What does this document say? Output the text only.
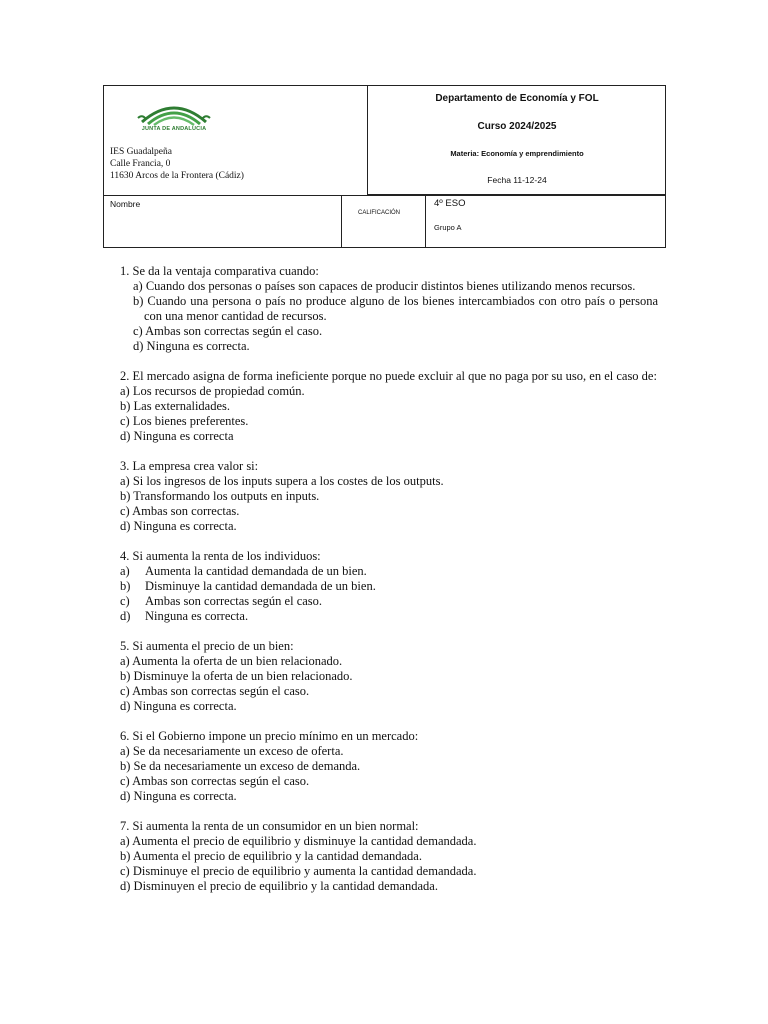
JUNTA DE ANDALUCIA
IES Guadalpeña
Calle Francia, 0
11630 Arcos de la Frontera (Cádiz)
Departamento de Economía y FOL
Curso 2024/2025
Materia: Economía y emprendimiento
Fecha 11-12-24
Nombre
CALIFICACIÓN
4º ESO
Grupo A
1. Se da la ventaja comparativa cuando:
a) Cuando dos personas o países son capaces de producir distintos bienes utilizando menos recursos.
b) Cuando una persona o país no produce alguno de los bienes intercambiados con otro país o persona con una menor cantidad de recursos.
c) Ambas son correctas según el caso.
d) Ninguna es correcta.
2. El mercado asigna de forma ineficiente porque no puede excluir al que no paga por su uso, en el caso de:
a) Los recursos de propiedad común.
b) Las externalidades.
c) Los bienes preferentes.
d) Ninguna es correcta
3. La empresa crea valor si:
a) Si los ingresos de los inputs supera a los costes de los outputs.
b) Transformando los outputs en inputs.
c) Ambas son correctas.
d) Ninguna es correcta.
4. Si aumenta la renta de los individuos:
a) Aumenta la cantidad demandada de un bien.
b) Disminuye la cantidad demandada de un bien.
c) Ambas son correctas según el caso.
d) Ninguna es correcta.
5. Si aumenta el precio de un bien:
a) Aumenta la oferta de un bien relacionado.
b) Disminuye la oferta de un bien relacionado.
c) Ambas son correctas según el caso.
d) Ninguna es correcta.
6. Si el Gobierno impone un precio mínimo en un mercado:
a) Se da necesariamente un exceso de oferta.
b) Se da necesariamente un exceso de demanda.
c) Ambas son correctas según el caso.
d) Ninguna es correcta.
7. Si aumenta la renta de un consumidor en un bien normal:
a) Aumenta el precio de equilibrio y disminuye la cantidad demandada.
b) Aumenta el precio de equilibrio y la cantidad demandada.
c) Disminuye el precio de equilibrio y aumenta la cantidad demandada.
d) Disminuyen el precio de equilibrio y la cantidad demandada.
